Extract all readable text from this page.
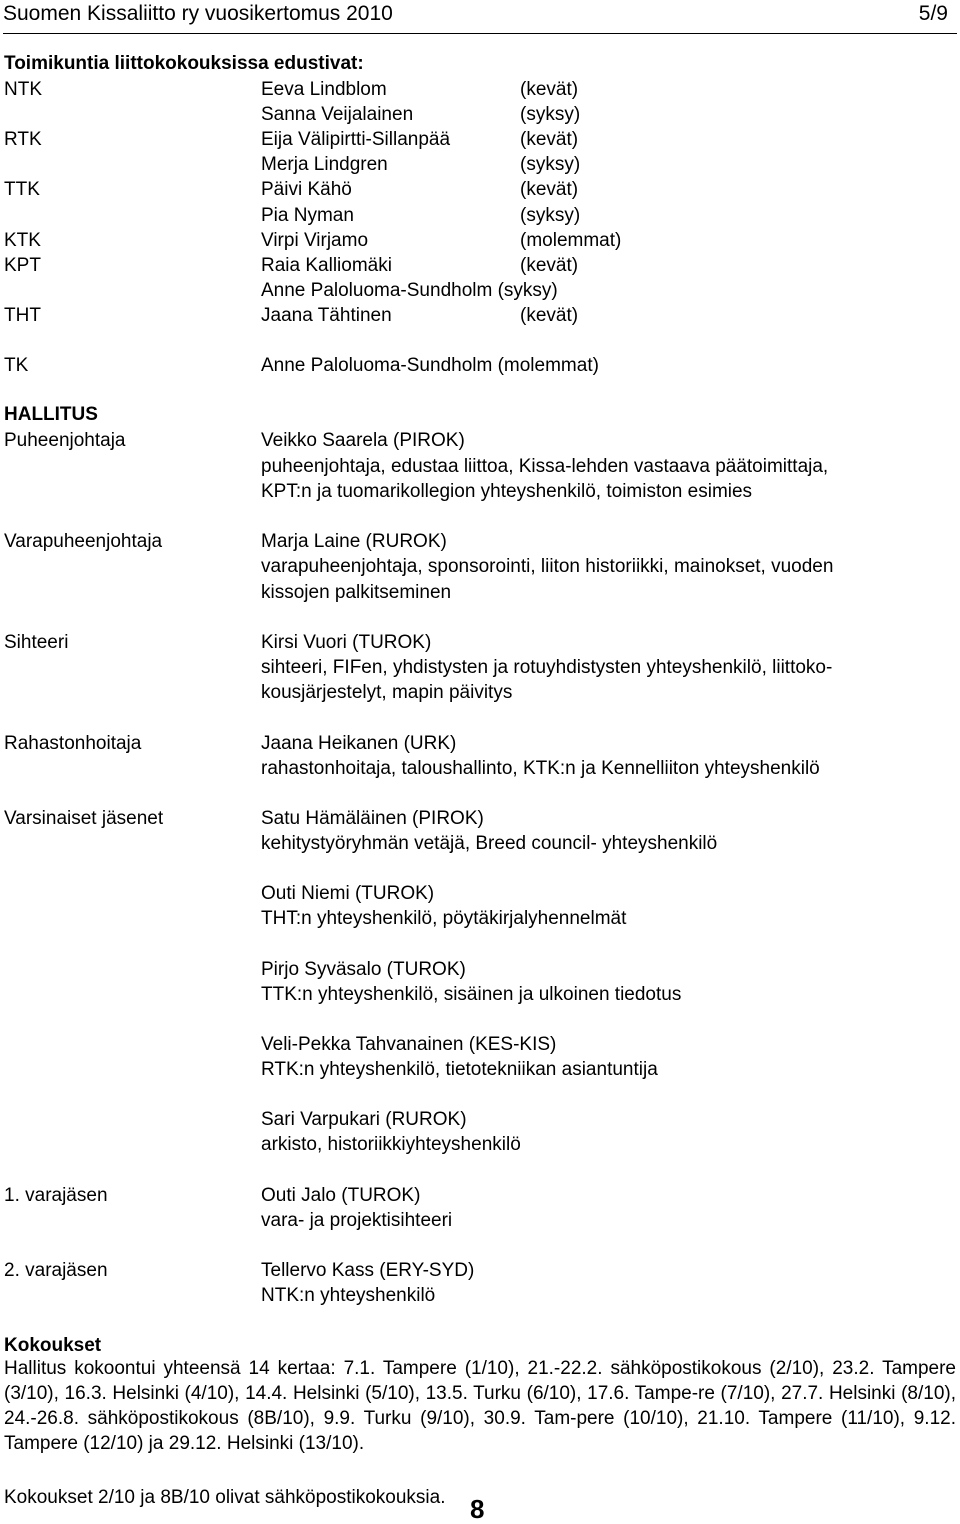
Suomen Kissaliitto ry vuosikertomus 2010	5/9
Toimikuntia liittokokouksissa edustivat:
NTK	Eeva Lindblom	(kevät)
Sanna Veijalainen	(syksy)
RTK	Eija Välipirtti-Sillanpää	(kevät)
Merja Lindgren	(syksy)
TTK	Päivi Kähö	(kevät)
Pia Nyman	(syksy)
KTK	Virpi Virjamo	(molemmat)
KPT	Raia Kalliomäki	(kevät)
Anne Paloluoma-Sundholm (syksy)
THT	Jaana Tähtinen	(kevät)
TK	Anne Paloluoma-Sundholm (molemmat)
HALLITUS
Puheenjohtaja	Veikko Saarela (PIROK)
puheenjohtaja, edustaa liittoa, Kissa-lehden vastaava päätoimittaja,
KPT:n ja tuomarikollegion yhteyshenkilö, toimiston esimies
Varapuheenjohtaja	Marja Laine (RUROK)
varapuheenjohtaja, sponsorointi, liiton historiikki, mainokset, vuoden
kissojen palkitseminen
Sihteeri	Kirsi Vuori (TUROK)
sihteeri, FIFen, yhdistysten ja rotuyhdistysten yhteyshenkilö, liittoko-
kousjärjestelyt, mapin päivitys
Rahastonhoitaja	Jaana Heikanen (URK)
rahastonhoitaja, taloushallinto, KTK:n ja Kennelliiton yhteyshenkilö
Varsinaiset jäsenet	Satu Hämäläinen (PIROK)
kehitystyöryhmän vetäjä, Breed council- yhteyshenkilö
Outi Niemi (TUROK)
THT:n yhteyshenkilö, pöytäkirjalyhennelmät
Pirjo Syväsalo (TUROK)
TTK:n yhteyshenkilö, sisäinen ja ulkoinen tiedotus
Veli-Pekka Tahvanainen (KES-KIS)
RTK:n yhteyshenkilö, tietotekniikan asiantuntija
Sari Varpukari (RUROK)
arkisto, historiikkiyhteyshenkilö
1. varajäsen	Outi Jalo (TUROK)
vara- ja projektisihteeri
2. varajäsen	Tellervo Kass (ERY-SYD)
NTK:n yhteyshenkilö
Kokoukset
Hallitus kokoontui yhteensä 14 kertaa: 7.1. Tampere (1/10), 21.-22.2. sähköpostikokous (2/10), 23.2. Tampere (3/10), 16.3. Helsinki (4/10), 14.4. Helsinki (5/10), 13.5. Turku (6/10), 17.6. Tampe-re (7/10), 27.7. Helsinki (8/10), 24.-26.8. sähköpostikokous (8B/10), 9.9. Turku (9/10), 30.9. Tam-pere (10/10), 21.10. Tampere (11/10), 9.12. Tampere (12/10) ja 29.12. Helsinki (13/10).
Kokoukset 2/10 ja 8B/10 olivat sähköpostikokouksia. 8
